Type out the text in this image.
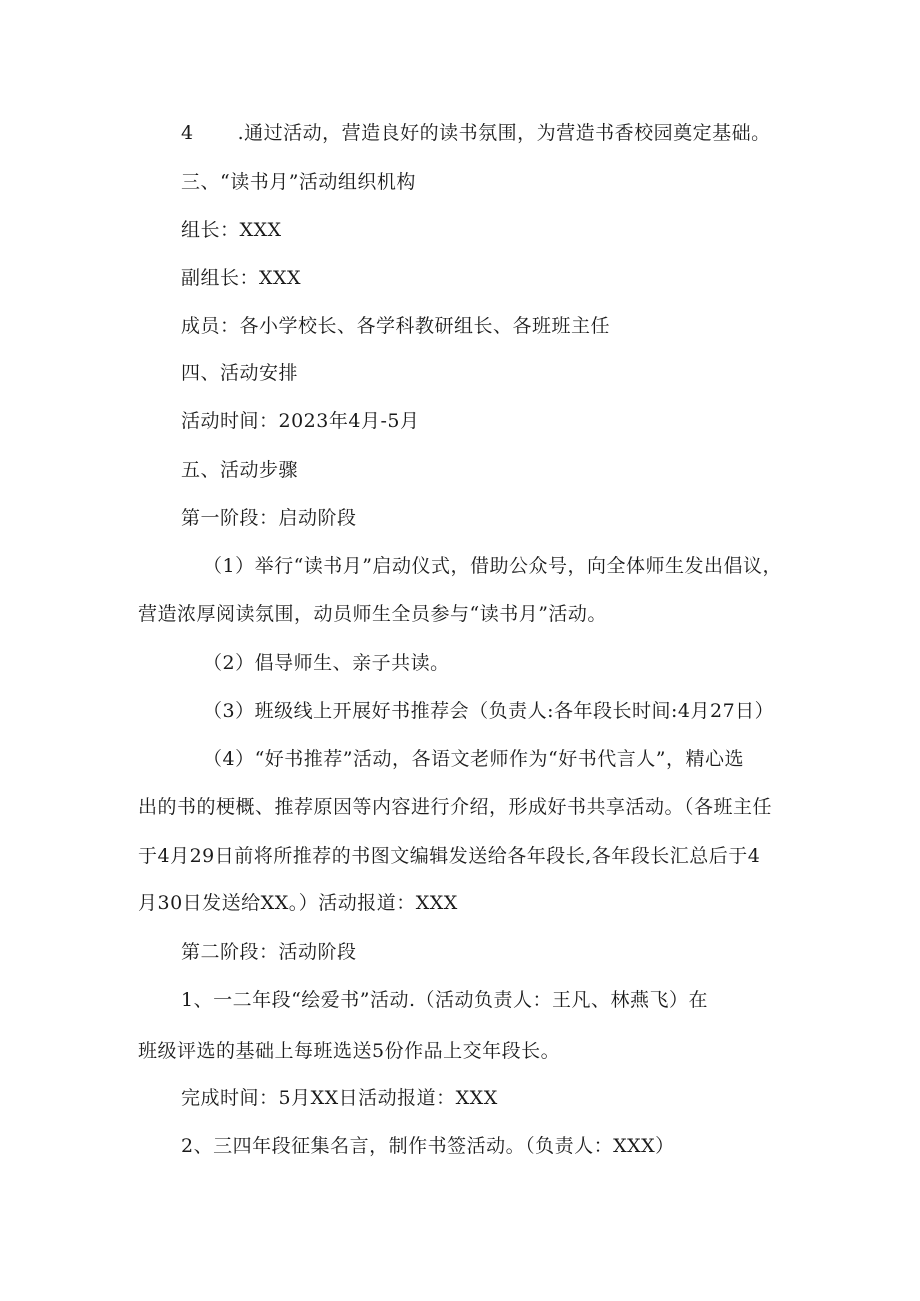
4 .通过活动，营造良好的读书氛围，为营造书香校园奠定基础。
三、“读书月”活动组织机构
组长：XXX
副组长：XXX
成员：各小学校长、各学科教研组长、各班班主任
四、活动安排
活动时间：2023年4月-5月
五、活动步骤
第一阶段：启动阶段
（1）举行“读书月”启动仪式，借助公众号，向全体师生发出倡议，
营造浓厚阅读氛围，动员师生全员参与“读书月”活动。
（2）倡导师生、亲子共读。
（3）班级线上开展好书推荐会（负责人:各年段长时间:4月27日）
（4）“好书推荐”活动，各语文老师作为“好书代言人”，精心选
出的书的梗概、推荐原因等内容进行介绍，形成好书共享活动。（各班主任
于4月29日前将所推荐的书图文编辑发送给各年段长,各年段长汇总后于4
月30日发送给XX。）活动报道：XXX
第二阶段：活动阶段
1、一二年段“绘爱书”活动.（活动负责人：王凡、林燕飞）在
班级评选的基础上每班选送5份作品上交年段长。
完成时间：5月XX日活动报道：XXX
2、三四年段征集名言，制作书签活动。（负责人：XXX）
